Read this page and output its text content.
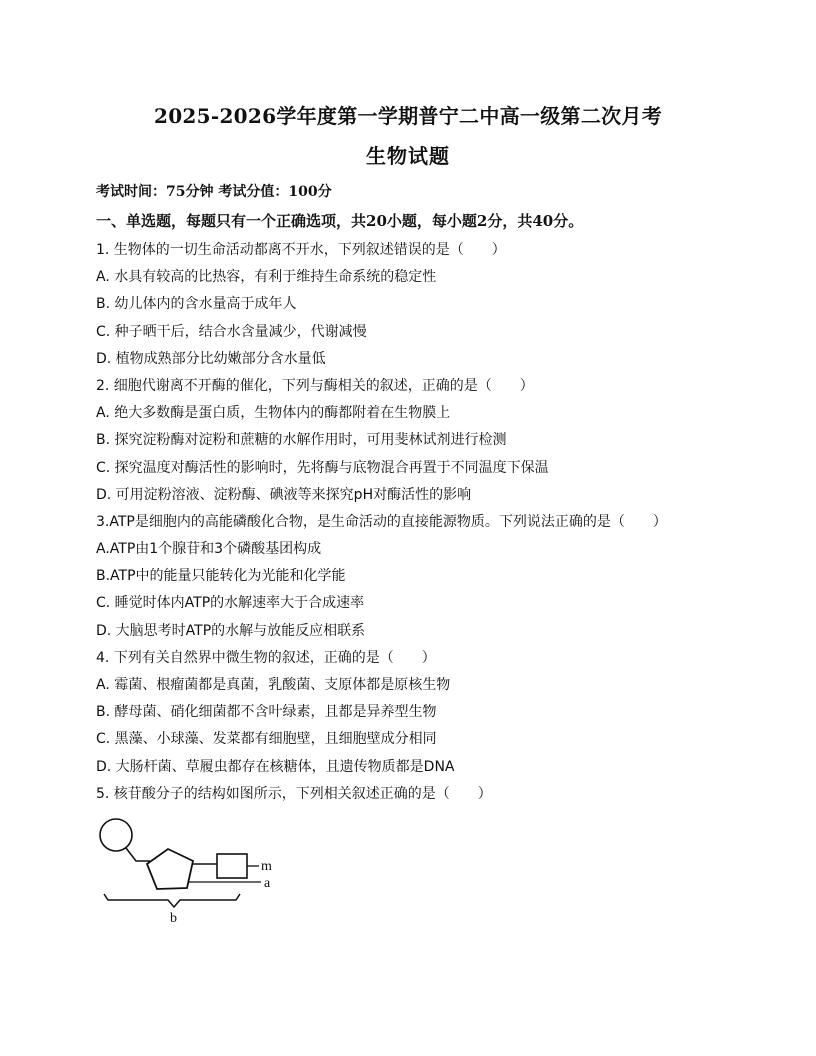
2025-2026学年度第一学期普宁二中高一级第二次月考
生物试题
考试时间：75分钟 考试分值：100分
一、单选题，每题只有一个正确选项，共20小题，每小题2分，共40分。
1. 生物体的一切生命活动都离不开水，下列叙述错误的是（　　）
A. 水具有较高的比热容，有利于维持生命系统的稳定性
B. 幼儿体内的含水量高于成年人
C. 种子晒干后，结合水含量减少，代谢减慢
D. 植物成熟部分比幼嫩部分含水量低
2. 细胞代谢离不开酶的催化，下列与酶相关的叙述，正确的是（　　）
A. 绝大多数酶是蛋白质，生物体内的酶都附着在生物膜上
B. 探究淀粉酶对淀粉和蔗糖的水解作用时，可用斐林试剂进行检测
C. 探究温度对酶活性的影响时，先将酶与底物混合再置于不同温度下保温
D. 可用淀粉溶液、淀粉酶、碘液等来探究pH对酶活性的影响
3.ATP是细胞内的高能磷酸化合物，是生命活动的直接能源物质。下列说法正确的是（　　）
A.ATP由1个腺苷和3个磷酸基团构成
B.ATP中的能量只能转化为光能和化学能
C. 睡觉时体内ATP的水解速率大于合成速率
D. 大脑思考时ATP的水解与放能反应相联系
4. 下列有关自然界中微生物的叙述，正确的是（　　）
A. 霉菌、根瘤菌都是真菌，乳酸菌、支原体都是原核生物
B. 酵母菌、硝化细菌都不含叶绿素，且都是异养型生物
C. 黑藻、小球藻、发菜都有细胞壁，且细胞壁成分相同
D. 大肠杆菌、草履虫都存在核糖体，且遗传物质都是DNA
5. 核苷酸分子的结构如图所示，下列相关叙述正确的是（　　）
m
a
b
